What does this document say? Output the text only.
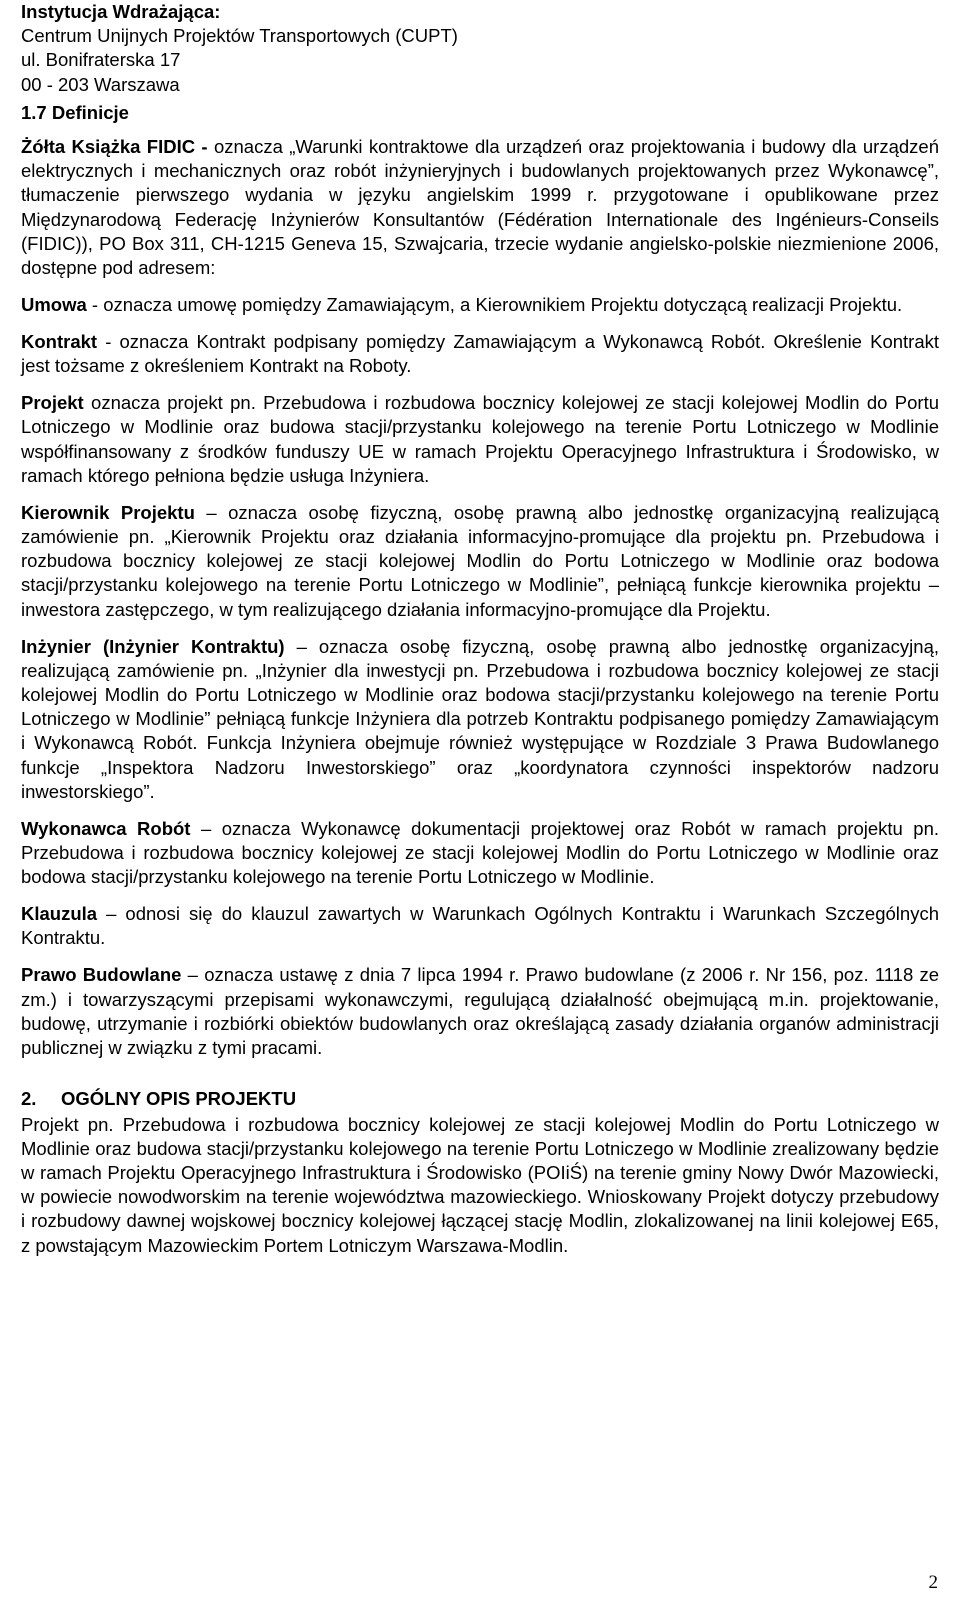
Instytucja Wdrażająca:
Centrum Unijnych Projektów Transportowych (CUPT)
ul. Bonifraterska 17
00 - 203 Warszawa
1.7 Definicje

Żółta Książka FIDIC - oznacza „Warunki kontraktowe dla urządzeń oraz projektowania i budowy dla urządzeń elektrycznych i mechanicznych oraz robót inżynieryjnych i budowlanych projektowanych przez Wykonawcę”, tłumaczenie pierwszego wydania w języku angielskim 1999 r. przygotowane i opublikowane przez Międzynarodową Federację Inżynierów Konsultantów (Fédération Internationale des Ingénieurs-Conseils (FIDIC)), PO Box 311, CH-1215 Geneva 15, Szwajcaria, trzecie wydanie angielsko-polskie niezmienione 2006, dostępne pod adresem:

Umowa - oznacza umowę pomiędzy Zamawiającym, a Kierownikiem Projektu dotyczącą realizacji Projektu.

Kontrakt - oznacza Kontrakt podpisany pomiędzy Zamawiającym a Wykonawcą Robót. Określenie Kontrakt jest tożsame z określeniem Kontrakt na Roboty.

Projekt oznacza projekt pn. Przebudowa i rozbudowa bocznicy kolejowej ze stacji kolejowej Modlin do Portu Lotniczego w Modlinie oraz budowa stacji/przystanku kolejowego na terenie Portu Lotniczego w Modlinie współfinansowany z środków funduszy UE w ramach Projektu Operacyjnego Infrastruktura i Środowisko, w ramach którego pełniona będzie usługa Inżyniera.

Kierownik Projektu – oznacza osobę fizyczną, osobę prawną albo jednostkę organizacyjną realizującą zamówienie pn. „Kierownik Projektu oraz działania informacyjno-promujące dla projektu pn. Przebudowa i rozbudowa bocznicy kolejowej ze stacji kolejowej Modlin do Portu Lotniczego w Modlinie oraz bodowa stacji/przystanku kolejowego na terenie Portu Lotniczego w Modlinie”, pełniącą funkcje kierownika projektu – inwestora zastępczego, w tym realizującego działania informacyjno-promujące dla Projektu.

Inżynier (Inżynier Kontraktu) – oznacza osobę fizyczną, osobę prawną albo jednostkę organizacyjną, realizującą zamówienie pn. „Inżynier dla inwestycji pn. Przebudowa i rozbudowa bocznicy kolejowej ze stacji kolejowej Modlin do Portu Lotniczego w Modlinie oraz bodowa stacji/przystanku kolejowego na terenie Portu Lotniczego w Modlinie” pełniącą funkcje Inżyniera dla potrzeb Kontraktu podpisanego pomiędzy Zamawiającym i Wykonawcą Robót. Funkcja Inżyniera obejmuje również występujące w Rozdziale 3 Prawa Budowlanego funkcje „Inspektora Nadzoru Inwestorskiego” oraz „koordynatora czynności inspektorów nadzoru inwestorskiego”.

Wykonawca Robót – oznacza Wykonawcę dokumentacji projektowej oraz Robót w ramach projektu pn. Przebudowa i rozbudowa bocznicy kolejowej ze stacji kolejowej Modlin do Portu Lotniczego w Modlinie oraz bodowa stacji/przystanku kolejowego na terenie Portu Lotniczego w Modlinie.

Klauzula – odnosi się do klauzul zawartych w Warunkach Ogólnych Kontraktu i Warunkach Szczególnych Kontraktu.

Prawo Budowlane – oznacza ustawę z dnia 7 lipca 1994 r. Prawo budowlane (z 2006 r. Nr 156, poz. 1118 ze zm.) i towarzyszącymi przepisami wykonawczymi, regulującą działalność obejmującą m.in. projektowanie, budowę, utrzymanie i rozbiórki obiektów budowlanych oraz określającą zasady działania organów administracji publicznej w związku z tymi pracami.

2. OGÓLNY OPIS PROJEKTU

Projekt pn. Przebudowa i rozbudowa bocznicy kolejowej ze stacji kolejowej Modlin do Portu Lotniczego w Modlinie oraz budowa stacji/przystanku kolejowego na terenie Portu Lotniczego w Modlinie zrealizowany będzie w ramach Projektu Operacyjnego Infrastruktura i Środowisko (POIiŚ) na terenie gminy Nowy Dwór Mazowiecki, w powiecie nowodworskim na terenie województwa mazowieckiego. Wnioskowany Projekt dotyczy przebudowy i rozbudowy dawnej wojskowej bocznicy kolejowej łączącej stację Modlin, zlokalizowanej na linii kolejowej E65, z powstającym Mazowieckim Portem Lotniczym Warszawa-Modlin.

2
